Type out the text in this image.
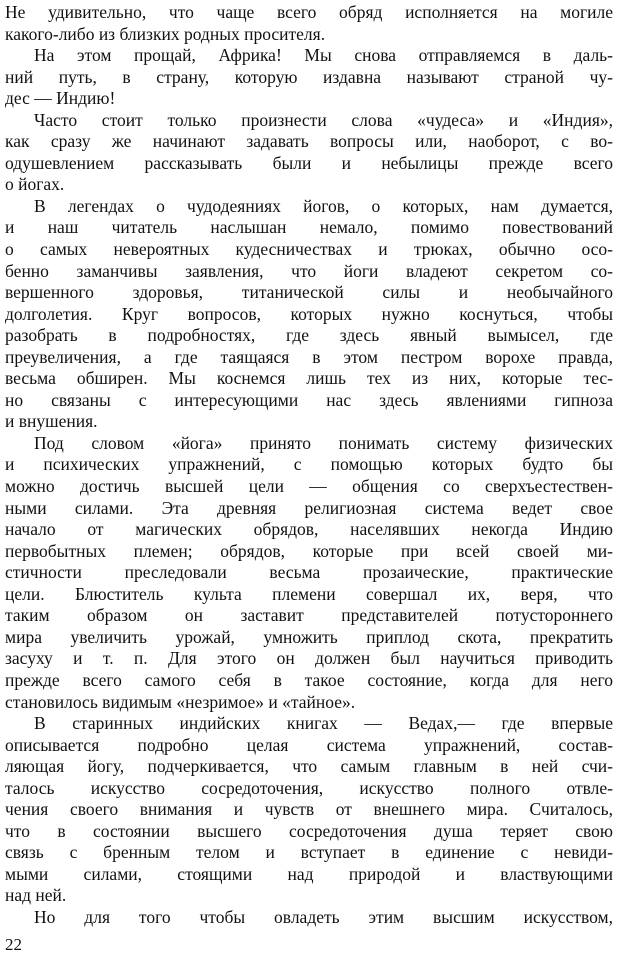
Не удивительно, что чаще всего обряд исполняется на могиле
какого-либо из близких родных просителя.
На этом прощай, Африка! Мы снова отправляемся в даль-
ний путь, в страну, которую издавна называют страной чу-
дес — Индию!
Часто стоит только произнести слова «чудеса» и «Индия»,
как сразу же начинают задавать вопросы или, наоборот, с во-
одушевлением рассказывать были и небылицы прежде всего
о йогах.
В легендах о чудодеяниях йогов, о которых, нам думается,
и наш читатель наслышан немало, помимо повествований
о самых невероятных кудесничествах и трюках, обычно осо-
бенно заманчивы заявления, что йоги владеют секретом со-
вершенного здоровья, титанической силы и необычайного
долголетия. Круг вопросов, которых нужно коснуться, чтобы
разобрать в подробностях, где здесь явный вымысел, где
преувеличения, а где таящаяся в этом пестром ворохе правда,
весьма обширен. Мы коснемся лишь тех из них, которые тес-
но связаны с интересующими нас здесь явлениями гипноза
и внушения.
Под словом «йога» принято понимать систему физических
и психических упражнений, с помощью которых будто бы
можно достичь высшей цели — общения со сверхъестествен-
ными силами. Эта древняя религиозная система ведет свое
начало от магических обрядов, населявших некогда Индию
первобытных племен; обрядов, которые при всей своей ми-
стичности преследовали весьма прозаические, практические
цели. Блюститель культа племени совершал их, веря, что
таким образом он заставит представителей потустороннего
мира увеличить урожай, умножить приплод скота, прекратить
засуху и т. п. Для этого он должен был научиться приводить
прежде всего самого себя в такое состояние, когда для него
становилось видимым «незримое» и «тайное».
В старинных индийских книгах — Ведах,— где впервые
описывается подробно целая система упражнений, состав-
ляющая йогу, подчеркивается, что самым главным в ней счи-
талось искусство сосредоточения, искусство полного отвле-
чения своего внимания и чувств от внешнего мира. Считалось,
что в состоянии высшего сосредоточения душа теряет свою
связь с бренным телом и вступает в единение с невиди-
мыми силами, стоящими над природой и властвующими
над ней.
Но для того чтобы овладеть этим высшим искусством,
22
